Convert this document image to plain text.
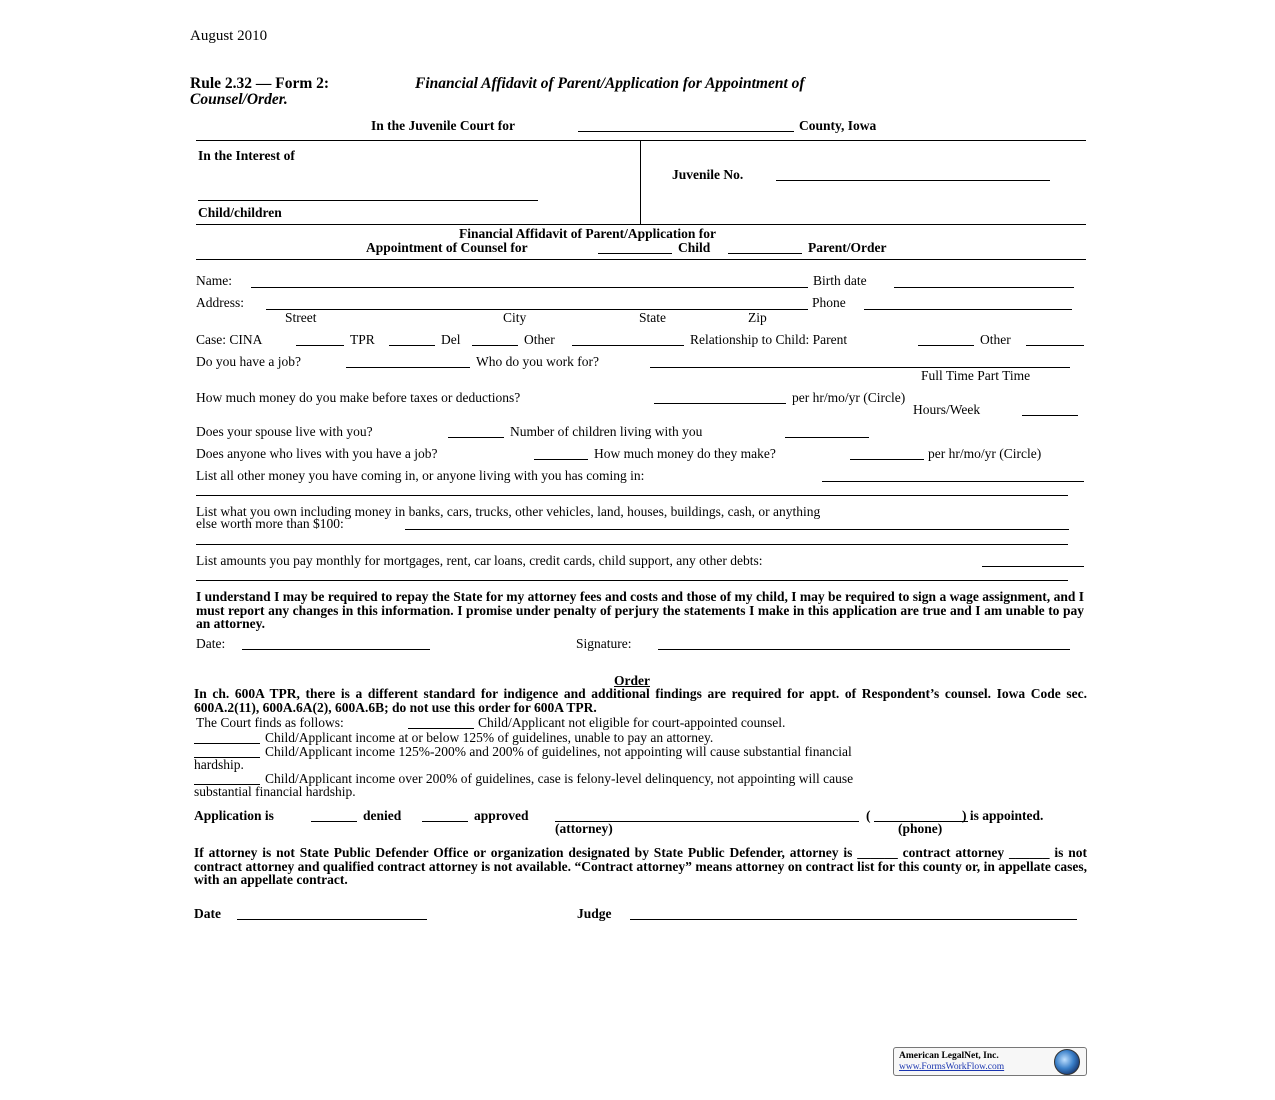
August 2010
Rule 2.32 — Form 2:	Financial Affidavit of Parent/Application for Appointment of
Counsel/Order.
In the Juvenile Court for	County, Iowa
In the Interest of
Child/children
Juvenile No.
Financial Affidavit of Parent/Application for
Appointment of Counsel for	Child	Parent/Order
Name:	Birth date
Address:	Phone
Street	City	State	Zip
Case: CINA	TPR	Del	Other	Relationship to Child: Parent	Other
Do you have a job?	Who do you work for?
Full Time Part Time
How much money do you make before taxes or deductions?	per hr/mo/yr (Circle)
Hours/Week
Does your spouse live with you?	Number of children living with you
Does anyone who lives with you have a job?	How much money do they make?	per hr/mo/yr (Circle)
List all other money you have coming in, or anyone living with you has coming in:
List what you own including money in banks, cars, trucks, other vehicles, land, houses, buildings, cash, or anything
else worth more than $100:
List amounts you pay monthly for mortgages, rent, car loans, credit cards, child support, any other debts:
I understand I may be required to repay the State for my attorney fees and costs and those of my child, I may be required to sign a wage assignment, and I must report any changes in this information. I promise under penalty of perjury the statements I make in this application are true and I am unable to pay an attorney.
Date:	Signature:
Order
In ch. 600A TPR, there is a different standard for indigence and additional findings are required for appt. of Respondent’s counsel. Iowa Code sec. 600A.2(11), 600A.6A(2), 600A.6B; do not use this order for 600A TPR.
The Court finds as follows:	Child/Applicant not eligible for court-appointed counsel.
Child/Applicant income at or below 125% of guidelines, unable to pay an attorney.
Child/Applicant income 125%-200% and 200% of guidelines, not appointing will cause substantial financial
hardship.
Child/Applicant income over 200% of guidelines, case is felony-level delinquency, not appointing will cause
substantial financial hardship.
Application is	denied	approved	(	) is appointed.
(attorney)	(phone)
If attorney is not State Public Defender Office or organization designated by State Public Defender, attorney is ______ contract attorney ______ is not contract attorney and qualified contract attorney is not available. “Contract attorney” means attorney on contract list for this county or, in appellate cases, with an appellate contract.
Date	Judge
American LegalNet, Inc.
www.FormsWorkFlow.com
